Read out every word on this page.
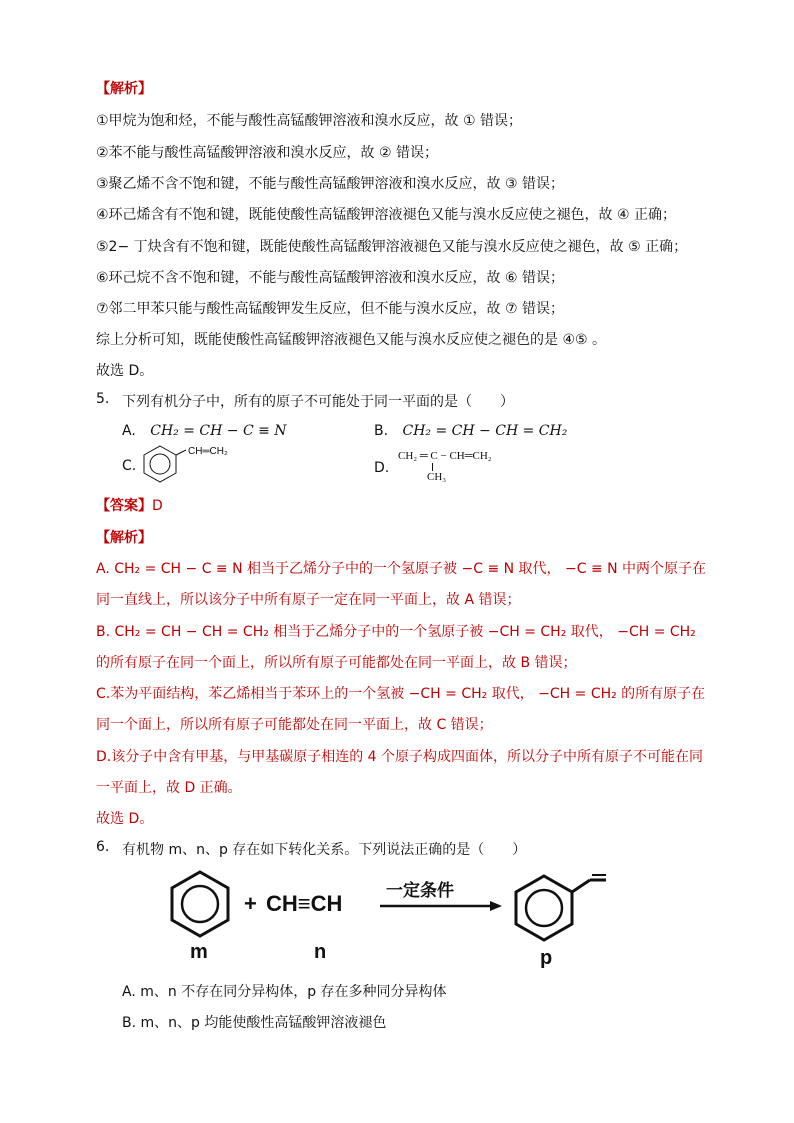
【解析】
①甲烷为饱和烃，不能与酸性高锰酸钾溶液和溴水反应，故 ① 错误；
②苯不能与酸性高锰酸钾溶液和溴水反应，故 ② 错误；
③聚乙烯不含不饱和键，不能与酸性高锰酸钾溶液和溴水反应，故 ③ 错误；
④环己烯含有不饱和键，既能使酸性高锰酸钾溶液褪色又能与溴水反应使之褪色，故 ④ 正确；
⑤2− 丁炔含有不饱和键，既能使酸性高锰酸钾溶液褪色又能与溴水反应使之褪色，故 ⑤ 正确；
⑥环己烷不含不饱和键，不能与酸性高锰酸钾溶液和溴水反应，故 ⑥ 错误；
⑦邻二甲苯只能与酸性高锰酸钾发生反应，但不能与溴水反应，故 ⑦ 错误；
综上分析可知，既能使酸性高锰酸钾溶液褪色又能与溴水反应使之褪色的是 ④⑤ 。
故选 D。
5. 下列有机分子中，所有的原子不可能处于同一平面的是（　　）
A. CH₂ = CH − C ≡ N	B. CH₂ = CH − CH = CH₂
C.
CH═CH₂
D.
CH₂ ═ C − CH═CH₂
CH₃
【答案】D
【解析】
A. CH₂ = CH − C ≡ N 相当于乙烯分子中的一个氢原子被 −C ≡ N 取代， −C ≡ N 中两个原子在
同一直线上，所以该分子中所有原子一定在同一平面上，故 A 错误；
B. CH₂ = CH − CH = CH₂ 相当于乙烯分子中的一个氢原子被 −CH = CH₂ 取代， −CH = CH₂
的所有原子在同一个面上，所以所有原子可能都处在同一平面上，故 B 错误；
C.苯为平面结构，苯乙烯相当于苯环上的一个氢被 −CH = CH₂ 取代， −CH = CH₂ 的所有原子在
同一个面上，所以所有原子可能都处在同一平面上，故 C 错误；
D.该分子中含有甲基，与甲基碳原子相连的 4 个原子构成四面体，所以分子中所有原子不可能在同
一平面上，故 D 正确。
故选 D。
6. 有机物 m、n、p 存在如下转化关系。下列说法正确的是（　　）
m
+ CH≡CH
n
一定条件
p
A. m、n 不存在同分异构体，p 存在多种同分异构体
B. m、n、p 均能使酸性高锰酸钾溶液褪色
